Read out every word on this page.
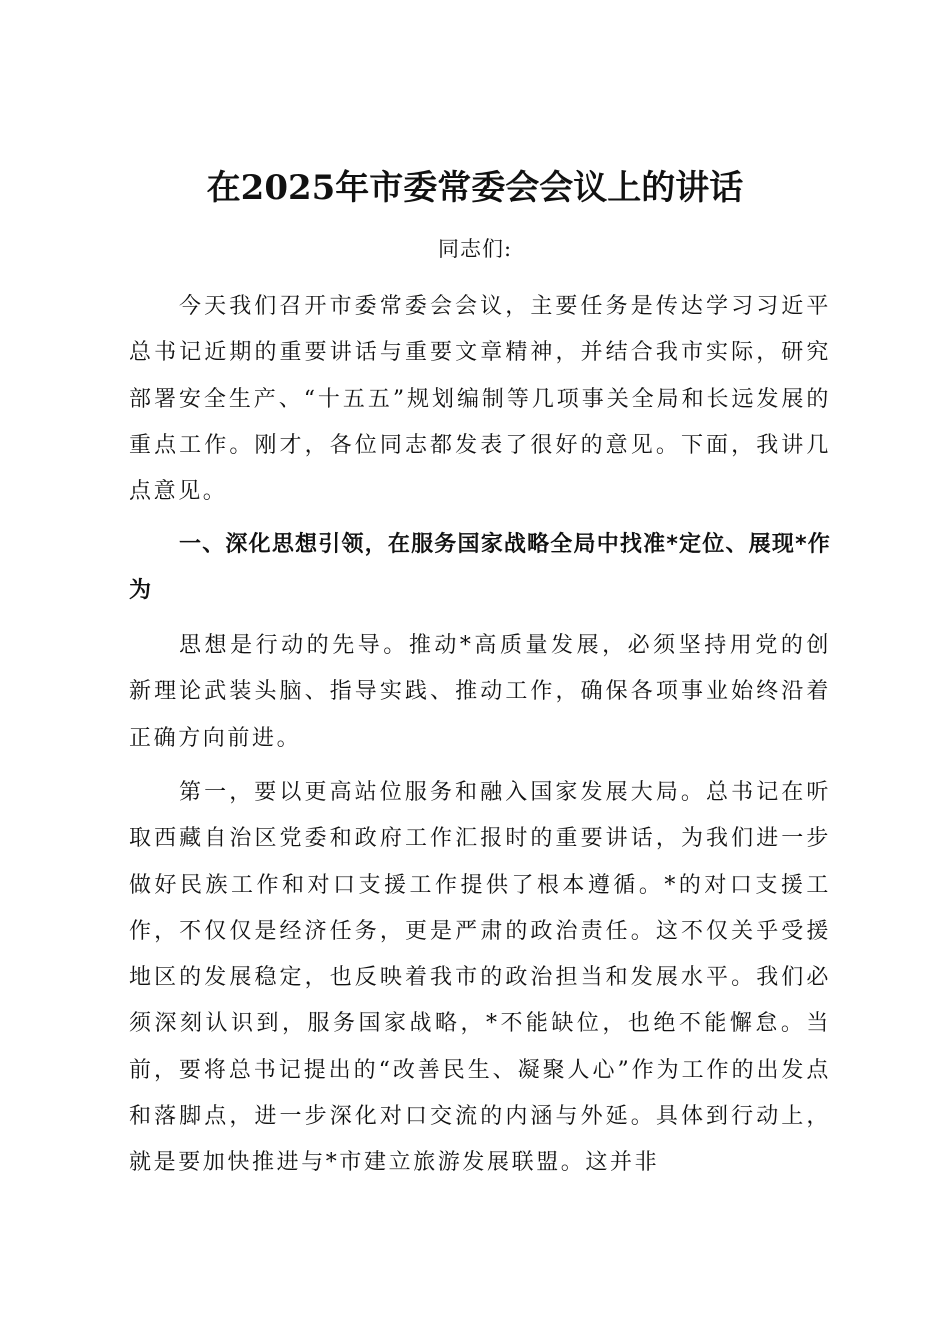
在2025年市委常委会会议上的讲话

同志们:

今天我们召开市委常委会会议，主要任务是传达学习习近平总书记近期的重要讲话与重要文章精神，并结合我市实际，研究部署安全生产、“十五五”规划编制等几项事关全局和长远发展的重点工作。刚才，各位同志都发表了很好的意见。下面，我讲几点意见。

一、深化思想引领，在服务国家战略全局中找准*定位、展现*作为

思想是行动的先导。推动*高质量发展，必须坚持用党的创新理论武装头脑、指导实践、推动工作，确保各项事业始终沿着正确方向前进。

第一，要以更高站位服务和融入国家发展大局。总书记在听取西藏自治区党委和政府工作汇报时的重要讲话，为我们进一步做好民族工作和对口支援工作提供了根本遵循。*的对口支援工作，不仅仅是经济任务，更是严肃的政治责任。这不仅关乎受援地区的发展稳定，也反映着我市的政治担当和发展水平。我们必须深刻认识到，服务国家战略，*不能缺位，也绝不能懈怠。当前，要将总书记提出的“改善民生、凝聚人心”作为工作的出发点和落脚点，进一步深化对口交流的内涵与外延。具体到行动上，就是要加快推进与*市建立旅游发展联盟。这并非
